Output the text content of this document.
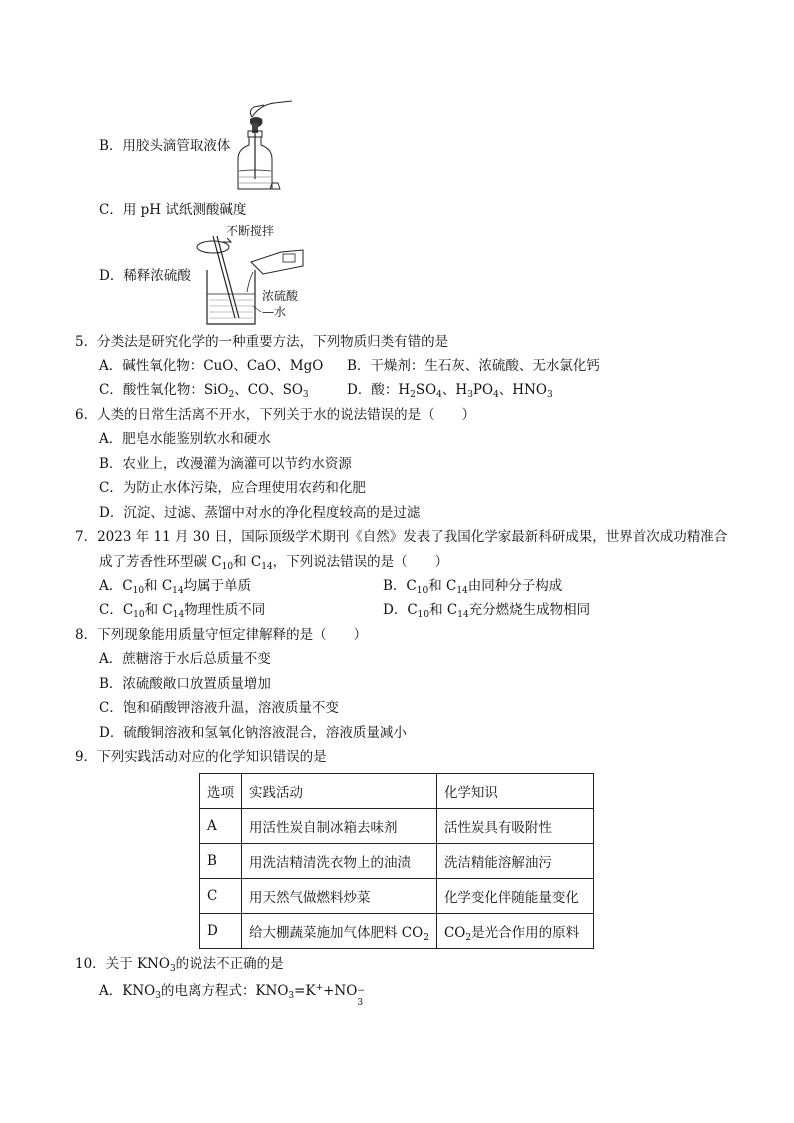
B．用胶头滴管取液体
C．用 pH 试纸测酸碱度
D．稀释浓硫酸
不断搅拌
浓硫酸
—水
5．分类法是研究化学的一种重要方法，下列物质归类有错的是
A．碱性氧化物：CuO、CaO、MgO B．干燥剂：生石灰、浓硫酸、无水氯化钙
C．酸性氧化物：SiO$_2$、CO、$SO_3$	D．酸：$H_2SO_4$、$H_3PO_4$、$HNO_3$
6．人类的日常生活离不开水，下列关于水的说法错误的是（　　）
A．肥皂水能鉴别软水和硬水
B．农业上，改漫灌为滴灌可以节约水资源
C．为防止水体污染，应合理使用农药和化肥
D．沉淀、过滤、蒸馏中对水的净化程度较高的是过滤
7．2023 年 11 月 30 日，国际顶级学术期刊《自然》发表了我国化学家最新科研成果，世界首次成功精准合
成了芳香性环型碳 $C_{10}$和 $C_{14}$，下列说法错误的是（　　）
A．$C_{10}$和 $C_{14}$均属于单质	B．$C_{10}$和 $C_{14}$由同种分子构成
C．$C_{10}$和 $C_{14}$物理性质不同	D．$C_{10}$和 $C_{14}$充分燃烧生成物相同
8．下列现象能用质量守恒定律解释的是（　　）
A．蔗糖溶于水后总质量不变
B．浓硫酸敞口放置质量增加
C．饱和硝酸钾溶液升温，溶液质量不变
D．硫酸铜溶液和氢氧化钠溶液混合，溶液质量减小
9．下列实践活动对应的化学知识错误的是
选项	实践活动	化学知识
A	用活性炭自制冰箱去味剂	活性炭具有吸附性
B	用洗洁精清洗衣物上的油渍	洗洁精能溶解油污
C	用天然气做燃料炒菜	化学变化伴随能量变化
D	给大棚蔬菜施加气体肥料 $CO_2$	$CO_2$是光合作用的原料
10．关于 $KNO_3$的说法不正确的是
A．$KNO_3$的电离方程式：$KNO_3=K^++NO$ −
3
